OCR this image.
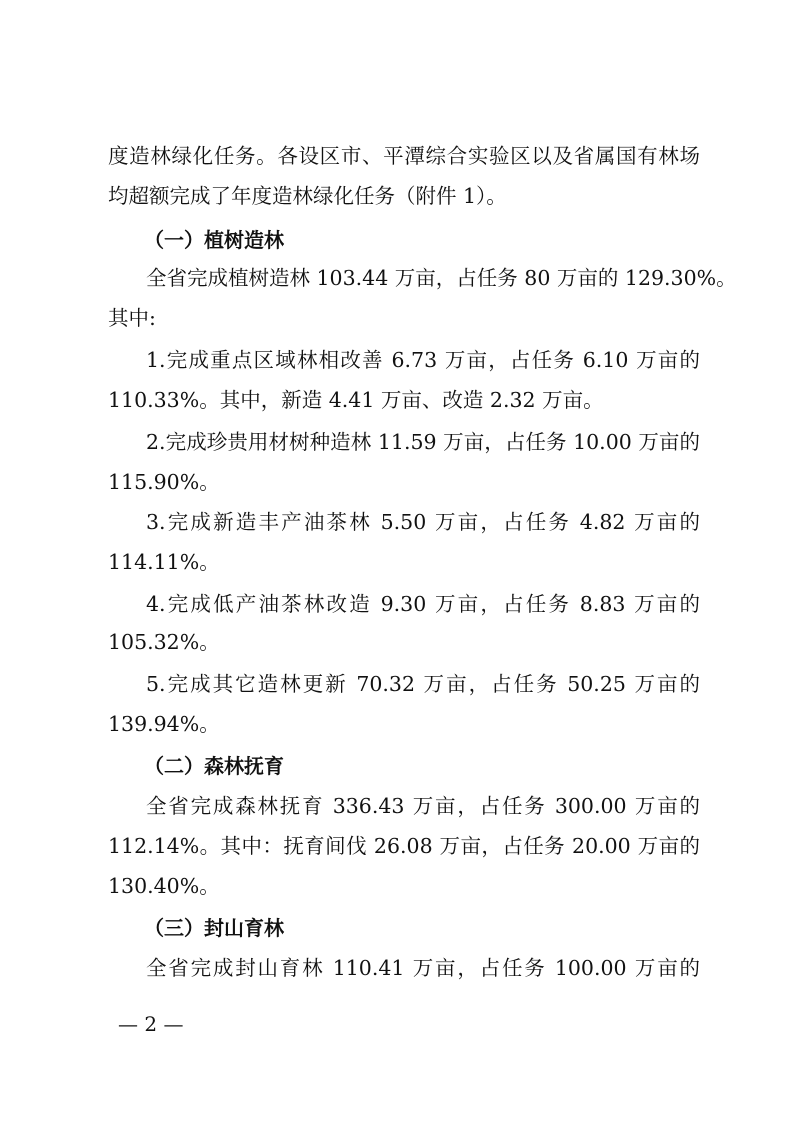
度造林绿化任务。各设区市、平潭综合实验区以及省属国有林场
均超额完成了年度造林绿化任务（附件 1）。
（一）植树造林
全省完成植树造林 103.44 万亩，占任务 80 万亩的 129.30%。
其中:
1.完成重点区域林相改善 6.73 万亩，占任务 6.10 万亩的
110.33%。其中，新造 4.41 万亩、改造 2.32 万亩。
2.完成珍贵用材树种造林 11.59 万亩，占任务 10.00 万亩的
115.90%。
3.完成新造丰产油茶林 5.50 万亩，占任务 4.82 万亩的
114.11%。
4.完成低产油茶林改造 9.30 万亩，占任务 8.83 万亩的
105.32%。
5.完成其它造林更新 70.32 万亩，占任务 50.25 万亩的
139.94%。
（二）森林抚育
全省完成森林抚育 336.43 万亩，占任务 300.00 万亩的
112.14%。其中：抚育间伐 26.08 万亩，占任务 20.00 万亩的
130.40%。
（三）封山育林
全省完成封山育林 110.41 万亩，占任务 100.00 万亩的
— 2 —
